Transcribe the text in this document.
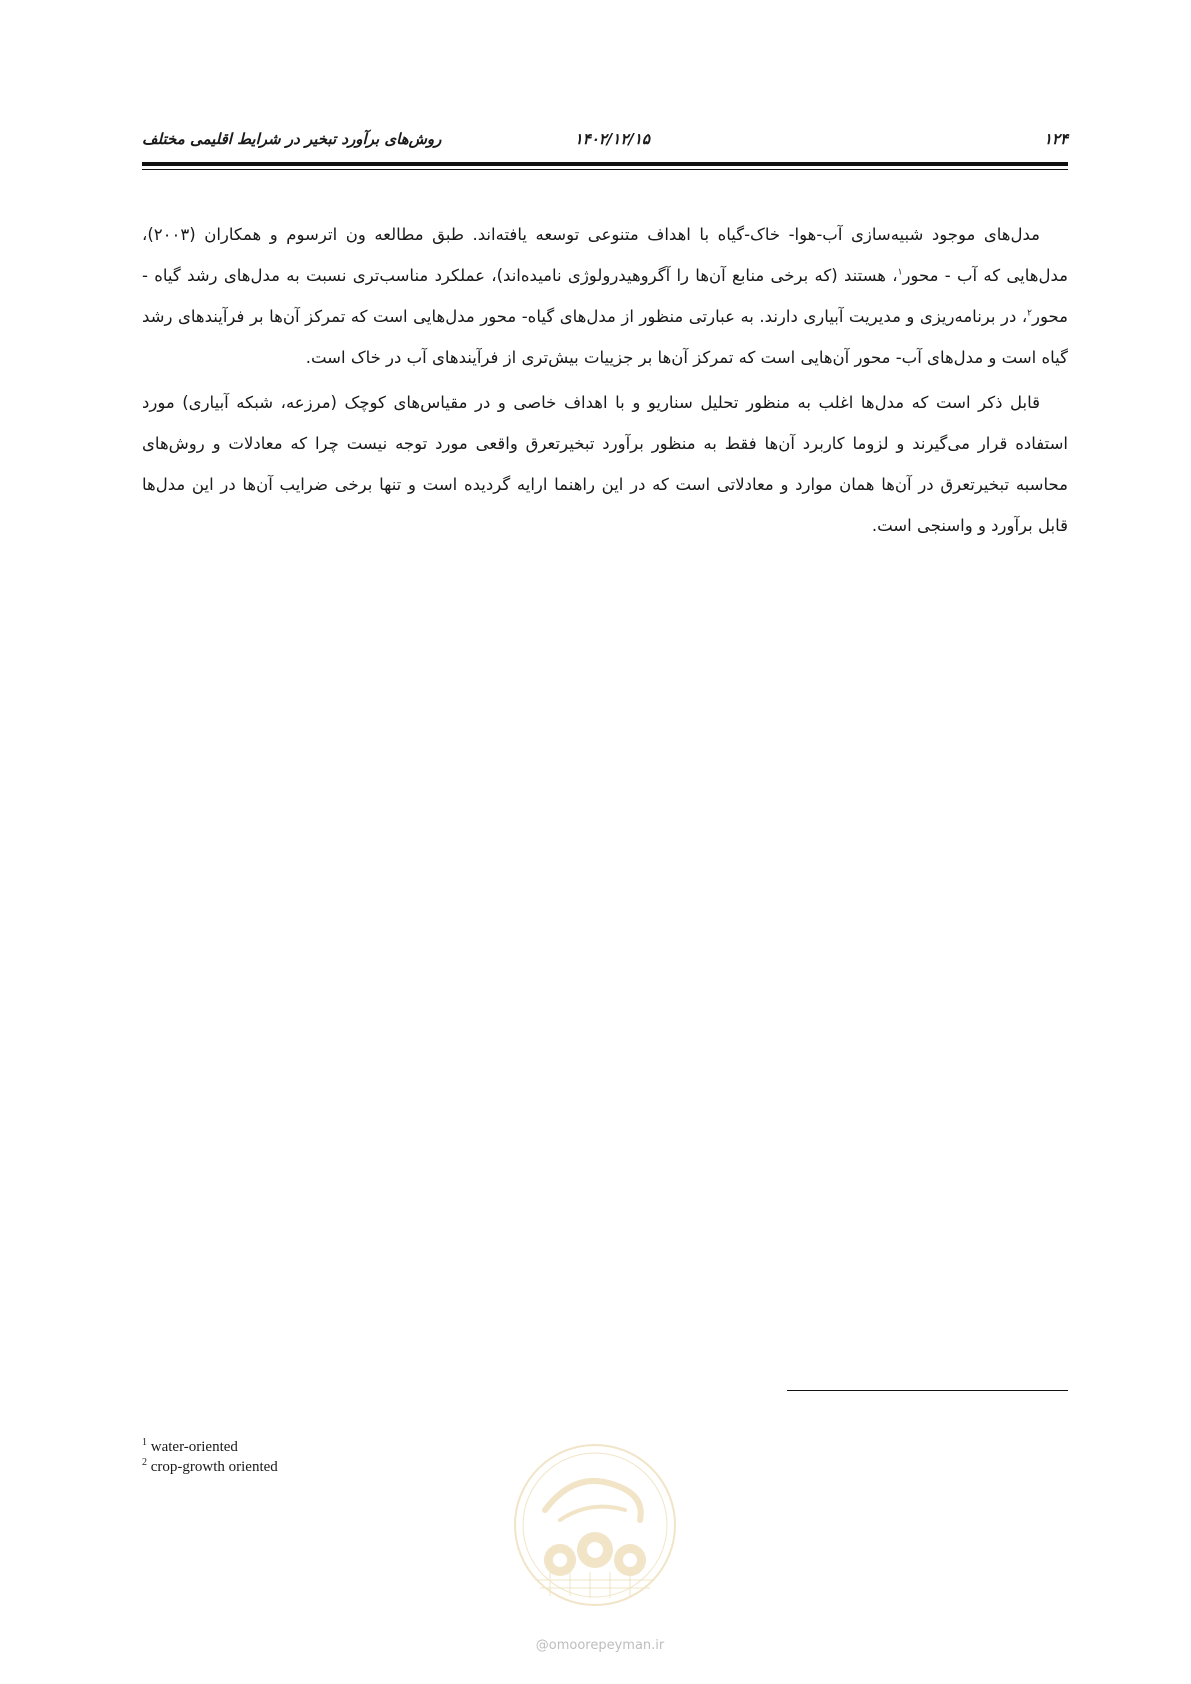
۱۲۴
۱۴۰۲/۱۲/۱۵
روش‌های برآورد تبخیر در شرایط اقلیمی مختلف

مدل‌های موجود شبیه‌سازی آب-هوا- خاک-گیاه با اهداف متنوعی توسعه یافته‌اند. طبق مطالعه ون اترسوم و همکاران (۲۰۰۳)، مدل‌هایی که آب - محور$^۱$، هستند (که برخی منابع آن‌ها را آگروهیدرولوژی نامیده‌اند)، عملکرد مناسب‌تری نسبت به مدل‌های رشد گیاه - محور$^۲$، در برنامه‌ریزی و مدیریت آبیاری دارند. به عبارتی منظور از مدل‌های گیاه- محور مدل‌هایی است که تمرکز آن‌ها بر فرآیندهای رشد گیاه است و مدل‌های آب- محور آن‌هایی است که تمرکز آن‌ها بر جزییات بیش‌تری از فرآیندهای آب در خاک است.

قابل ذکر است که مدل‌ها اغلب به منظور تحلیل سناریو و با اهداف خاصی و در مقیاس‌های کوچک (مرزعه، شبکه آبیاری) مورد استفاده قرار می‌گیرند و لزوما کاربرد آن‌ها فقط به منظور برآورد تبخیرتعرق واقعی مورد توجه نیست چرا که معادلات و روش‌های محاسبه تبخیرتعرق در آن‌ها همان موارد و معادلاتی است که در این راهنما ارایه گردیده است و تنها برخی ضرایب آن‌ها در این مدل‌ها قابل برآورد و واسنجی است.

$^1$ water-oriented
$^2$ crop-growth oriented
@omoorepeyman.ir
